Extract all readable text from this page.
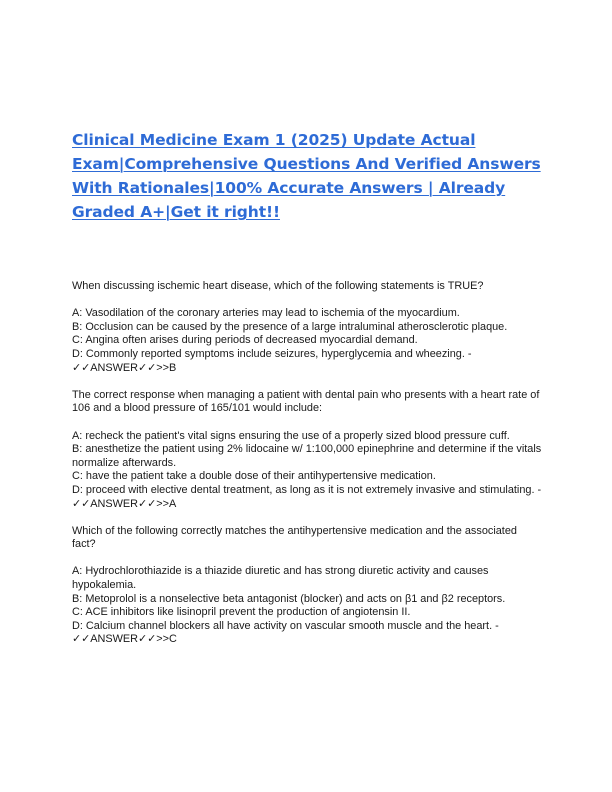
Clinical Medicine Exam 1 (2025) Update Actual Exam|Comprehensive Questions And Verified Answers With Rationales|100% Accurate Answers | Already Graded A+|Get it right!!

When discussing ischemic heart disease, which of the following statements is TRUE?

A: Vasodilation of the coronary arteries may lead to ischemia of the myocardium.

B: Occlusion can be caused by the presence of a large intraluminal atherosclerotic plaque.

C: Angina often arises during periods of decreased myocardial demand.

D: Commonly reported symptoms include seizures, hyperglycemia and wheezing. - ✓✓ANSWER✓✓>>B

The correct response when managing a patient with dental pain who presents with a heart rate of 106 and a blood pressure of 165/101 would include:

A: recheck the patient's vital signs ensuring the use of a properly sized blood pressure cuff.

B: anesthetize the patient using 2% lidocaine w/ 1:100,000 epinephrine and determine if the vitals normalize afterwards.

C: have the patient take a double dose of their antihypertensive medication.

D: proceed with elective dental treatment, as long as it is not extremely invasive and stimulating. - ✓✓ANSWER✓✓>>A

Which of the following correctly matches the antihypertensive medication and the associated fact?

A: Hydrochlorothiazide is a thiazide diuretic and has strong diuretic activity and causes hypokalemia.

B: Metoprolol is a nonselective beta antagonist (blocker) and acts on β1 and β2 receptors.

C: ACE inhibitors like lisinopril prevent the production of angiotensin II.

D: Calcium channel blockers all have activity on vascular smooth muscle and the heart. - ✓✓ANSWER✓✓>>C
